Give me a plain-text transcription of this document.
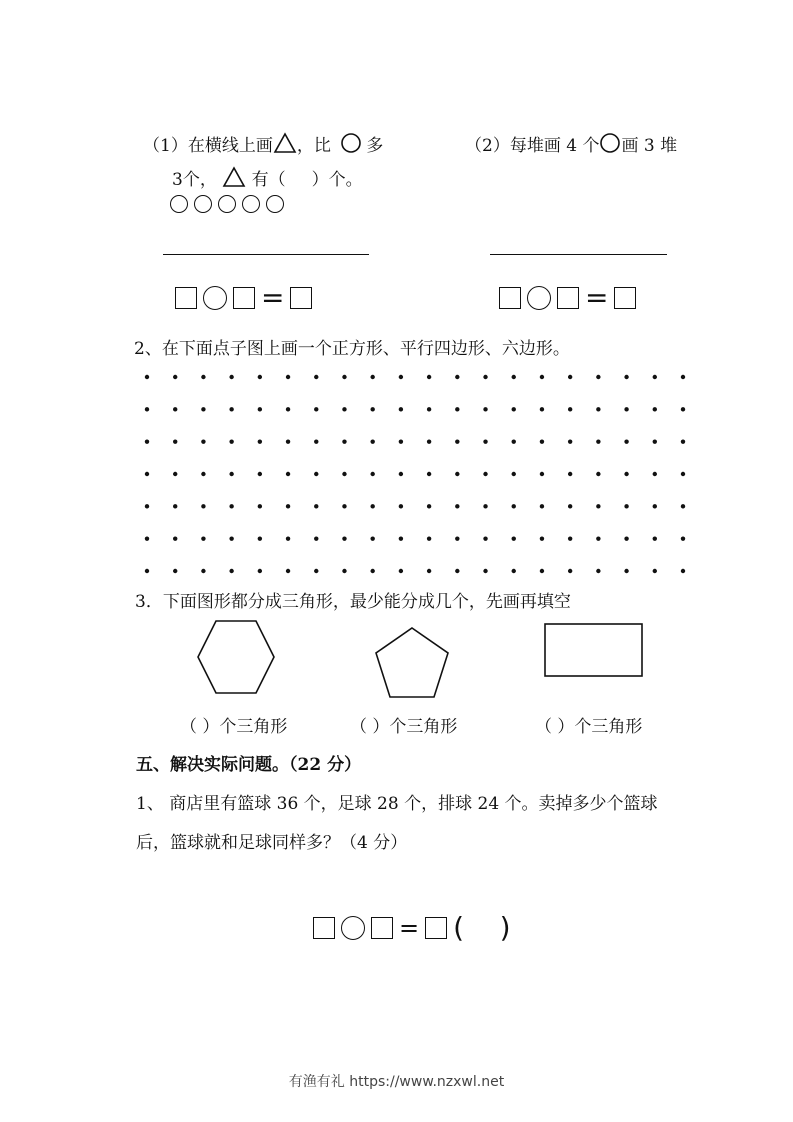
（1）在横线上画 ，比 多
3个， 有（ ）个。
（2）每堆画 4 个 画 3 堆
=	=
2、在下面点子图上画一个正方形、平行四边形、六边形。
3．下面图形都分成三角形，最少能分成几个，先画再填空
（ ）个三角形	（ ）个三角形	（ ）个三角形
五、解决实际问题。（22 分）
1、 商店里有篮球 36 个，足球 28 个，排球 24 个。卖掉多少个篮球
后，篮球就和足球同样多？（4 分）
= (    )
有渔有礼 https://www.nzxwl.net
